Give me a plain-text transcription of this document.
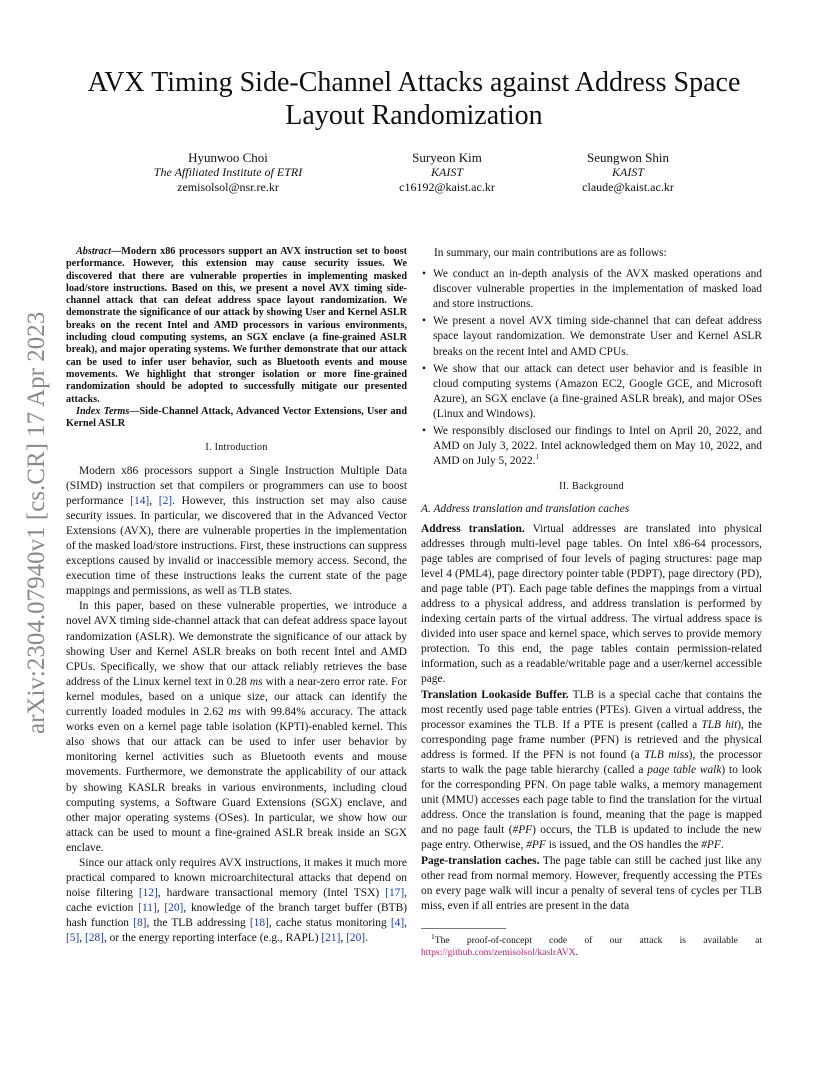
arXiv:2304.07940v1 [cs.CR] 17 Apr 2023
AVX Timing Side-Channel Attacks against Address Space Layout Randomization
Hyunwoo Choi
The Affiliated Institute of ETRI
zemisolsol@nsr.re.kr
Suryeon Kim
KAIST
c16192@kaist.ac.kr
Seungwon Shin
KAIST
claude@kaist.ac.kr

Abstract—Modern x86 processors support an AVX instruction set to boost performance. However, this extension may cause security issues. We discovered that there are vulnerable properties in implementing masked load/store instructions. Based on this, we present a novel AVX timing side-channel attack that can defeat address space layout randomization. We demonstrate the significance of our attack by showing User and Kernel ASLR breaks on the recent Intel and AMD processors in various environments, including cloud computing systems, an SGX enclave (a fine-grained ASLR break), and major operating systems. We further demonstrate that our attack can be used to infer user behavior, such as Bluetooth events and mouse movements. We highlight that stronger isolation or more fine-grained randomization should be adopted to successfully mitigate our presented attacks.

Index Terms—Side-Channel Attack, Advanced Vector Extensions, User and Kernel ASLR

I. Introduction

Modern x86 processors support a Single Instruction Multiple Data (SIMD) instruction set that compilers or programmers can use to boost performance [14], [2]. However, this instruction set may also cause security issues. In particular, we discovered that in the Advanced Vector Extensions (AVX), there are vulnerable properties in the implementation of the masked load/store instructions. First, these instructions can suppress exceptions caused by invalid or inaccessible memory access. Second, the execution time of these instructions leaks the current state of the page mappings and permissions, as well as TLB states.

In this paper, based on these vulnerable properties, we introduce a novel AVX timing side-channel attack that can defeat address space layout randomization (ASLR). We demonstrate the significance of our attack by showing User and Kernel ASLR breaks on both recent Intel and AMD CPUs. Specifically, we show that our attack reliably retrieves the base address of the Linux kernel text in 0.28 ms with a near-zero error rate. For kernel modules, based on a unique size, our attack can identify the currently loaded modules in 2.62 ms with 99.84% accuracy. The attack works even on a kernel page table isolation (KPTI)-enabled kernel. This also shows that our attack can be used to infer user behavior by monitoring kernel activities such as Bluetooth events and mouse movements. Furthermore, we demonstrate the applicability of our attack by showing KASLR breaks in various environments, including cloud computing systems, a Software Guard Extensions (SGX) enclave, and other major operating systems (OSes). In particular, we show how our attack can be used to mount a fine-grained ASLR break inside an SGX enclave.

Since our attack only requires AVX instructions, it makes it much more practical compared to known microarchitectural attacks that depend on noise filtering [12], hardware transactional memory (Intel TSX) [17], cache eviction [11], [20], knowledge of the branch target buffer (BTB) hash function [8], the TLB addressing [18], cache status monitoring [4], [5], [28], or the energy reporting interface (e.g., RAPL) [21], [20].

In summary, our main contributions are as follows:

• We conduct an in-depth analysis of the AVX masked operations and discover vulnerable properties in the implementation of masked load and store instructions.
• We present a novel AVX timing side-channel that can defeat address space layout randomization. We demonstrate User and Kernel ASLR breaks on the recent Intel and AMD CPUs.
• We show that our attack can detect user behavior and is feasible in cloud computing systems (Amazon EC2, Google GCE, and Microsoft Azure), an SGX enclave (a fine-grained ASLR break), and major OSes (Linux and Windows).
• We responsibly disclosed our findings to Intel on April 20, 2022, and AMD on July 3, 2022. Intel acknowledged them on May 10, 2022, and AMD on July 5, 2022.$^1$
II. Background
A. Address translation and translation caches

Address translation. Virtual addresses are translated into physical addresses through multi-level page tables. On Intel x86-64 processors, page tables are comprised of four levels of paging structures: page map level 4 (PML4), page directory pointer table (PDPT), page directory (PD), and page table (PT). Each page table defines the mappings from a virtual address to a physical address, and address translation is performed by indexing certain parts of the virtual address. The virtual address space is divided into user space and kernel space, which serves to provide memory protection. To this end, the page tables contain permission-related information, such as a readable/writable page and a user/kernel accessible page.

Translation Lookaside Buffer. TLB is a special cache that contains the most recently used page table entries (PTEs). Given a virtual address, the processor examines the TLB. If a PTE is present (called a TLB hit), the corresponding page frame number (PFN) is retrieved and the physical address is formed. If the PFN is not found (a TLB miss), the processor starts to walk the page table hierarchy (called a page table walk) to look for the corresponding PFN. On page table walks, a memory management unit (MMU) accesses each page table to find the translation for the virtual address. Once the translation is found, meaning that the page is mapped and no page fault (#PF) occurs, the TLB is updated to include the new page entry. Otherwise, #PF is issued, and the OS handles the #PF.

Page-translation caches. The page table can still be cached just like any other read from normal memory. However, frequently accessing the PTEs on every page walk will incur a penalty of several tens of cycles per TLB miss, even if all entries are present in the data

$^1$The proof-of-concept code of our attack is available at https://github.com/zemisolsol/kaslrAVX.
